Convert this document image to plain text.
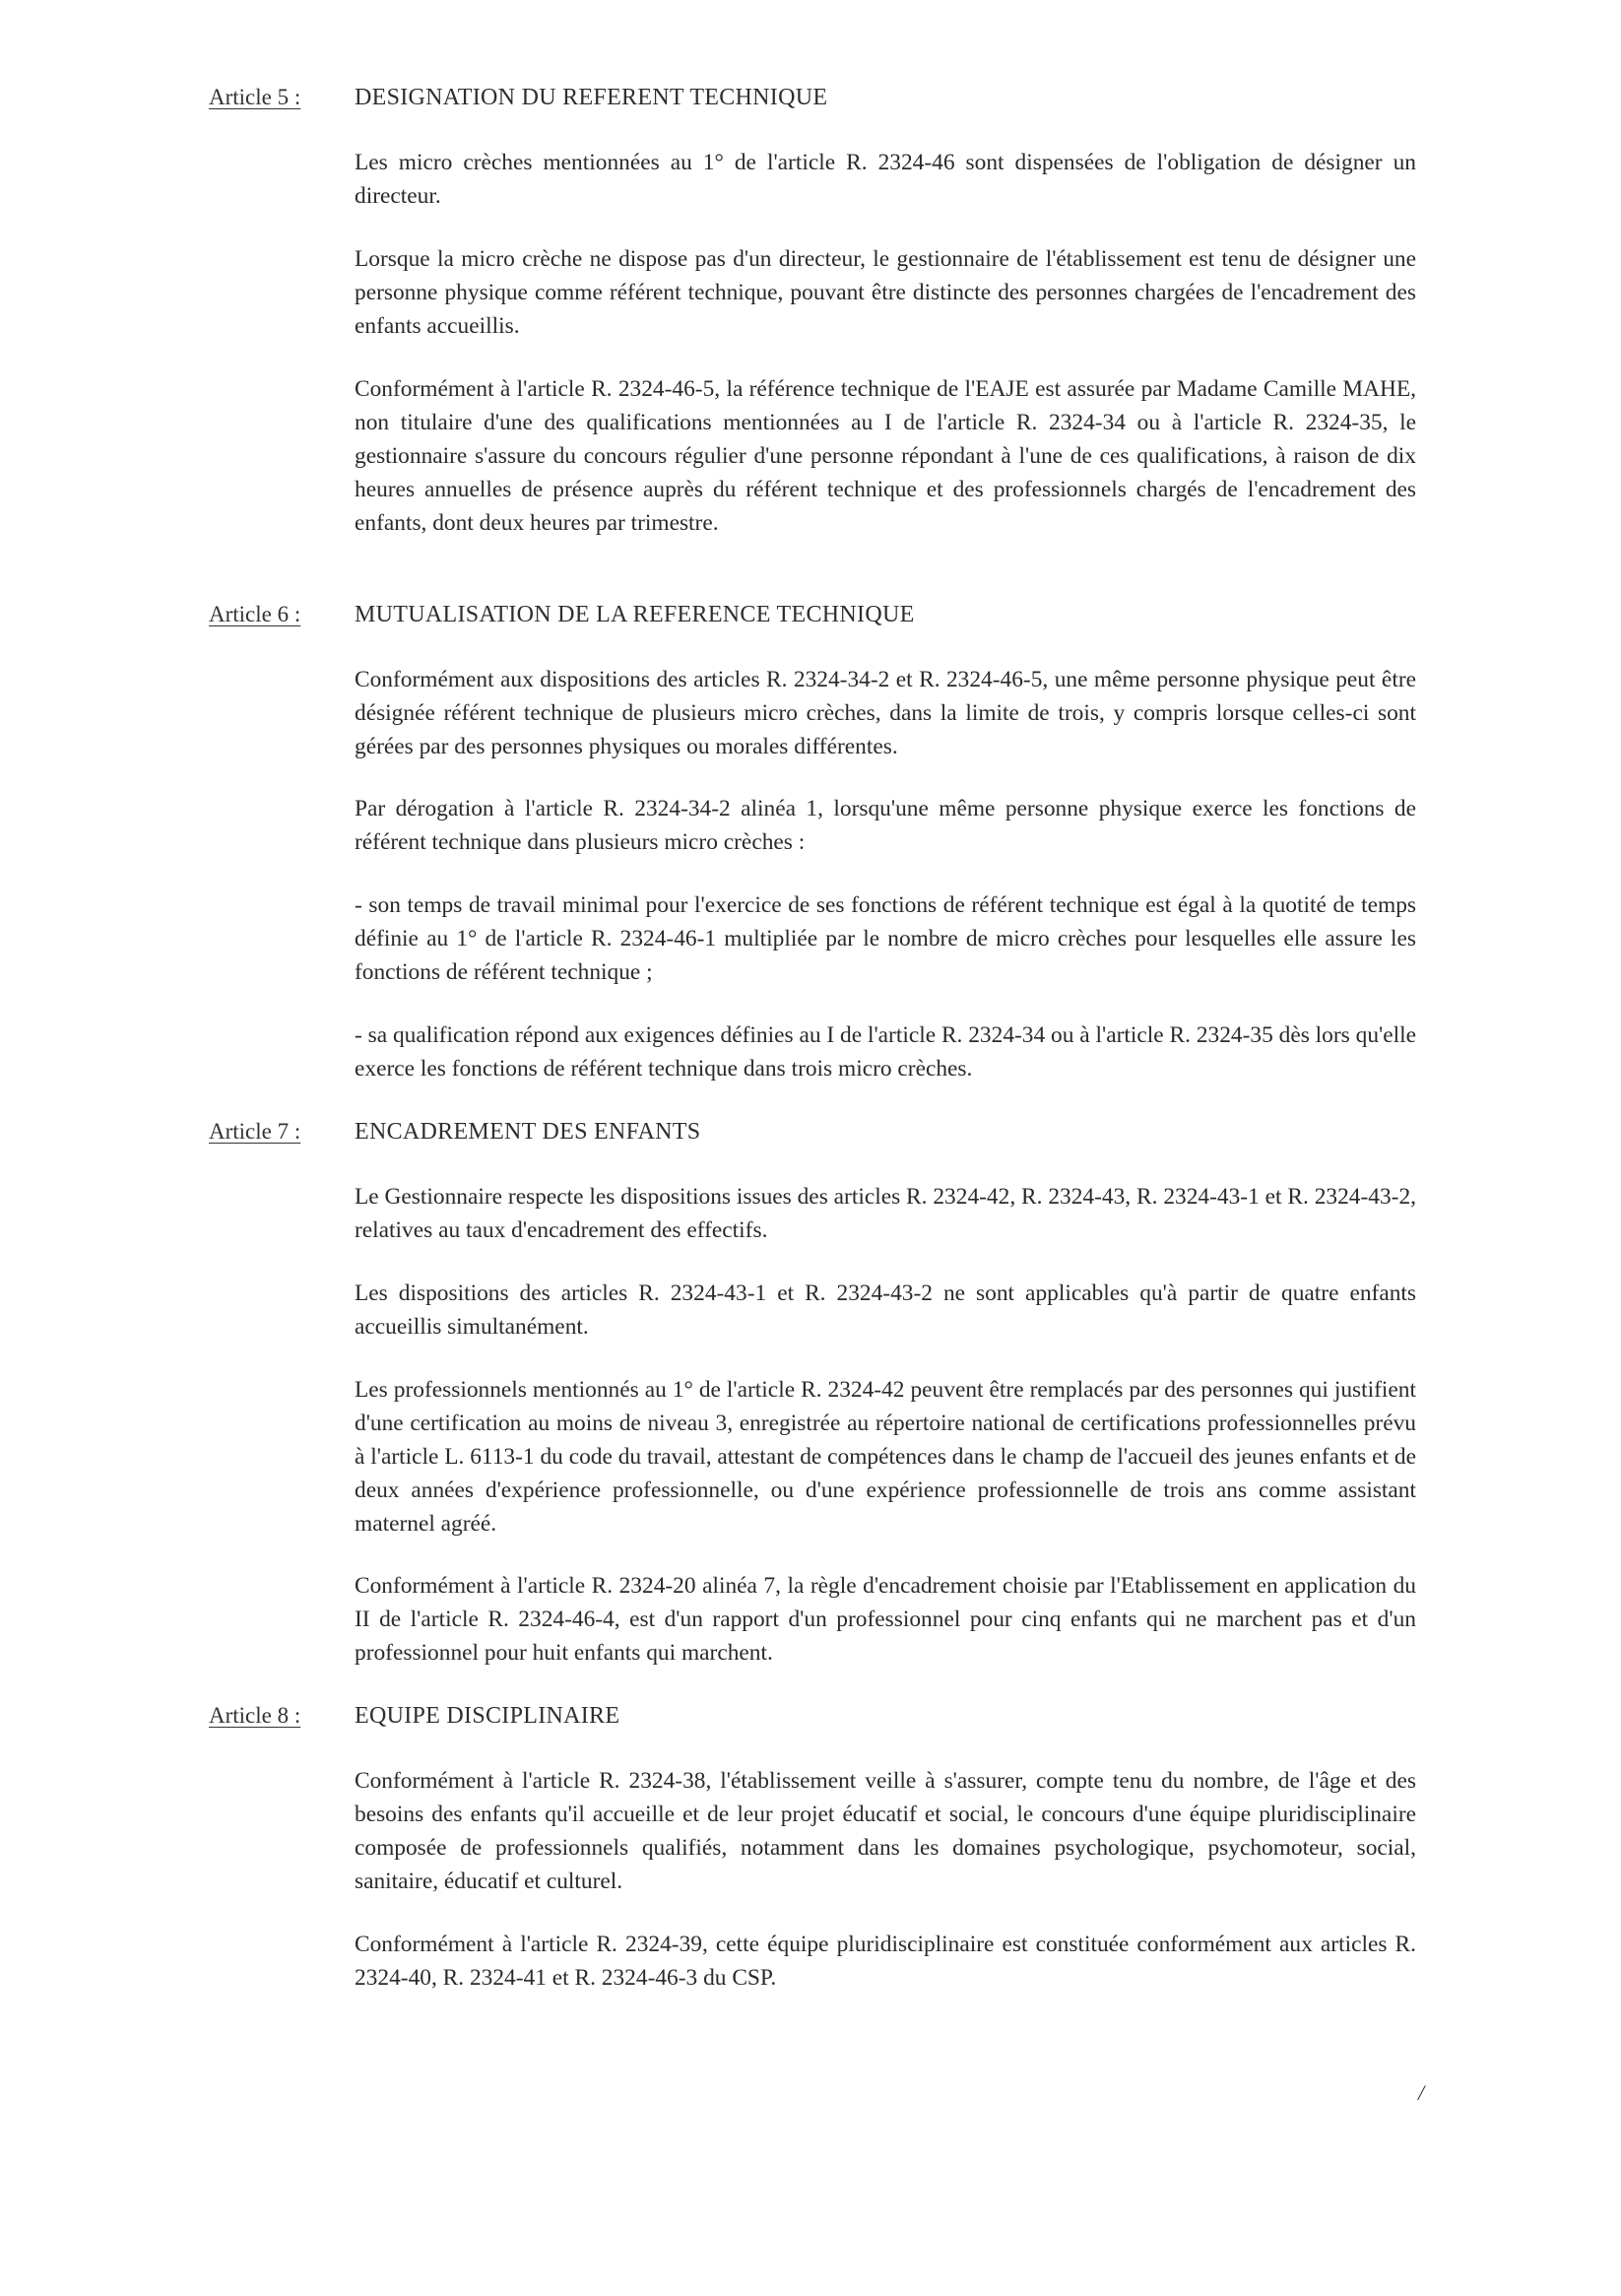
Article 5 : DESIGNATION DU REFERENT TECHNIQUE

Les micro crèches mentionnées au 1° de l'article R. 2324-46 sont dispensées de l'obligation de désigner un directeur.

Lorsque la micro crèche ne dispose pas d'un directeur, le gestionnaire de l'établissement est tenu de désigner une personne physique comme référent technique, pouvant être distincte des personnes chargées de l'encadrement des enfants accueillis.

Conformément à l'article R. 2324-46-5, la référence technique de l'EAJE est assurée par Madame Camille MAHE, non titulaire d'une des qualifications mentionnées au I de l'article R. 2324-34 ou à l'article R. 2324-35, le gestionnaire s'assure du concours régulier d'une personne répondant à l'une de ces qualifications, à raison de dix heures annuelles de présence auprès du référent technique et des professionnels chargés de l'encadrement des enfants, dont deux heures par trimestre.

Article 6 : MUTUALISATION DE LA REFERENCE TECHNIQUE

Conformément aux dispositions des articles R. 2324-34-2 et R. 2324-46-5, une même personne physique peut être désignée référent technique de plusieurs micro crèches, dans la limite de trois, y compris lorsque celles-ci sont gérées par des personnes physiques ou morales différentes.

Par dérogation à l'article R. 2324-34-2 alinéa 1, lorsqu'une même personne physique exerce les fonctions de référent technique dans plusieurs micro crèches :

- son temps de travail minimal pour l'exercice de ses fonctions de référent technique est égal à la quotité de temps définie au 1° de l'article R. 2324-46-1 multipliée par le nombre de micro crèches pour lesquelles elle assure les fonctions de référent technique ;

- sa qualification répond aux exigences définies au I de l'article R. 2324-34 ou à l'article R. 2324-35 dès lors qu'elle exerce les fonctions de référent technique dans trois micro crèches.

Article 7 : ENCADREMENT DES ENFANTS

Le Gestionnaire respecte les dispositions issues des articles R. 2324-42, R. 2324-43, R. 2324-43-1 et R. 2324-43-2, relatives au taux d'encadrement des effectifs.

Les dispositions des articles R. 2324-43-1 et R. 2324-43-2 ne sont applicables qu'à partir de quatre enfants accueillis simultanément.

Les professionnels mentionnés au 1° de l'article R. 2324-42 peuvent être remplacés par des personnes qui justifient d'une certification au moins de niveau 3, enregistrée au répertoire national de certifications professionnelles prévu à l'article L. 6113-1 du code du travail, attestant de compétences dans le champ de l'accueil des jeunes enfants et de deux années d'expérience professionnelle, ou d'une expérience professionnelle de trois ans comme assistant maternel agréé.

Conformément à l'article R. 2324-20 alinéa 7, la règle d'encadrement choisie par l'Etablissement en application du II de l'article R. 2324-46-4, est d'un rapport d'un professionnel pour cinq enfants qui ne marchent pas et d'un professionnel pour huit enfants qui marchent.

Article 8 : EQUIPE DISCIPLINAIRE

Conformément à l'article R. 2324-38, l'établissement veille à s'assurer, compte tenu du nombre, de l'âge et des besoins des enfants qu'il accueille et de leur projet éducatif et social, le concours d'une équipe pluridisciplinaire composée de professionnels qualifiés, notamment dans les domaines psychologique, psychomoteur, social, sanitaire, éducatif et culturel.

Conformément à l'article R. 2324-39, cette équipe pluridisciplinaire est constituée conformément aux articles R. 2324-40, R. 2324-41 et R. 2324-46-3 du CSP.

/
